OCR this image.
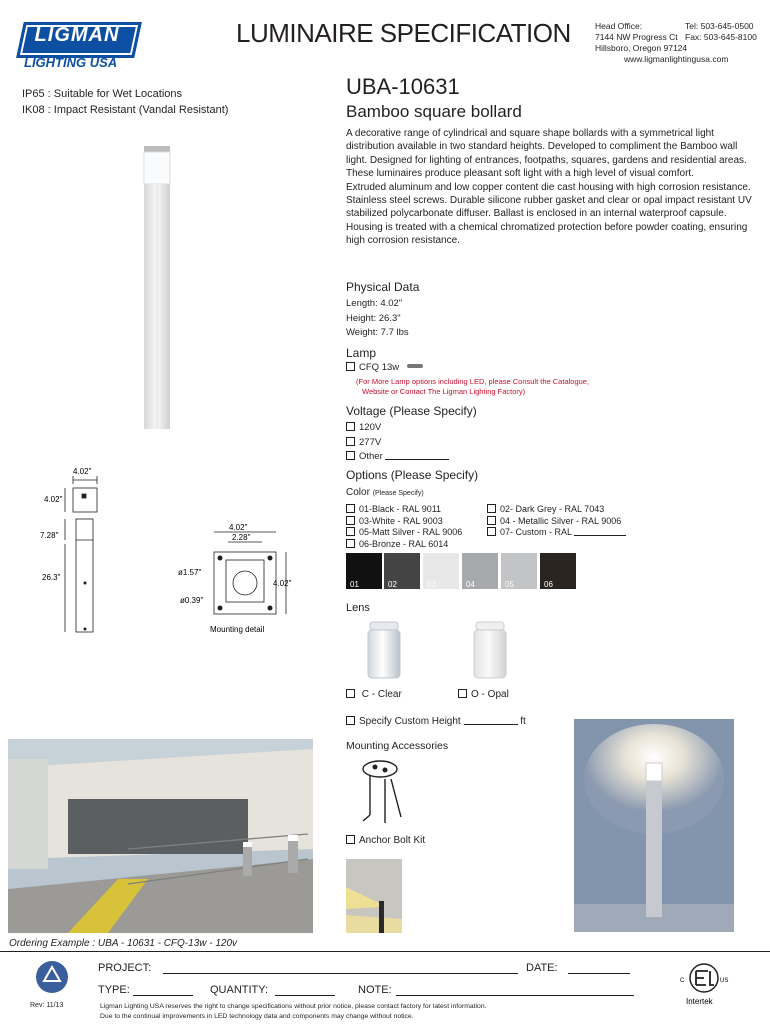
LIGMAN
LIGHTING USA
LUMINAIRE SPECIFICATION	Head Office:
7144 NW Progress Ct
Hillsboro, Oregon 97124
Tel: 503-645-0500
Fax: 503-645-8100
www.ligmanlightingusa.com
IP65 : Suitable for Wet Locations
IK08 : Impact Resistant (Vandal Resistant)
4.02"
4.02"
7.28"
26.3"
4.02"
2.28"
4.02"
ø1.57"
ø0.39"
Mounting detail
UBA-10631
Bamboo square bollard
A decorative range of cylindrical and square shape bollards with a symmetrical light distribution available in two standard heights. Developed to compliment the Bamboo wall light. Designed for lighting of entrances, footpaths, squares, gardens and residential areas. These luminaires produce pleasant soft light with a high level of visual comfort.
Extruded aluminum and low copper content die cast housing with high corrosion resistance. Stainless steel screws. Durable silicone rubber gasket and clear or opal impact resistant UV stabilized polycarbonate diffuser. Ballast is enclosed in an internal waterproof capsule. Housing is treated with a chemical chromatized protection before powder coating, ensuring high corrosion resistance.
Physical Data
Length: 4.02"
Height: 26.3"
Weight: 7.7 lbs
Lamp
CFQ 13w
(For More Lamp options including LED, please Consult the Catalogue,
Website or Contact The Ligman Lighting Factory)
Voltage (Please Specify)
120V
277V
Other
Options (Please Specify)
Color (Please Specify)
01-Black - RAL 9011
03-White - RAL 9003
05-Matt Silver - RAL 9006
06-Bronze - RAL 6014
02- Dark Grey - RAL 7043
04 - Metallic Silver - RAL 9006
07- Custom - RAL
01	02	03	04	05	06
Lens
C - Clear	O - Opal
Specify Custom Height	ft
Mounting Accessories
Anchor Bolt Kit
Ordering Example : UBA - 10631 - CFQ-13w - 120v
Rev: 11/13
PROJECT:	DATE:
TYPE:	QUANTITY:	NOTE:
Ligman Lighting USA reserves the right to change specifications without prior notice, please contact factory for latest information.
Due to the continual improvements in LED technology data and components may change without notice.
C	US
Intertek
